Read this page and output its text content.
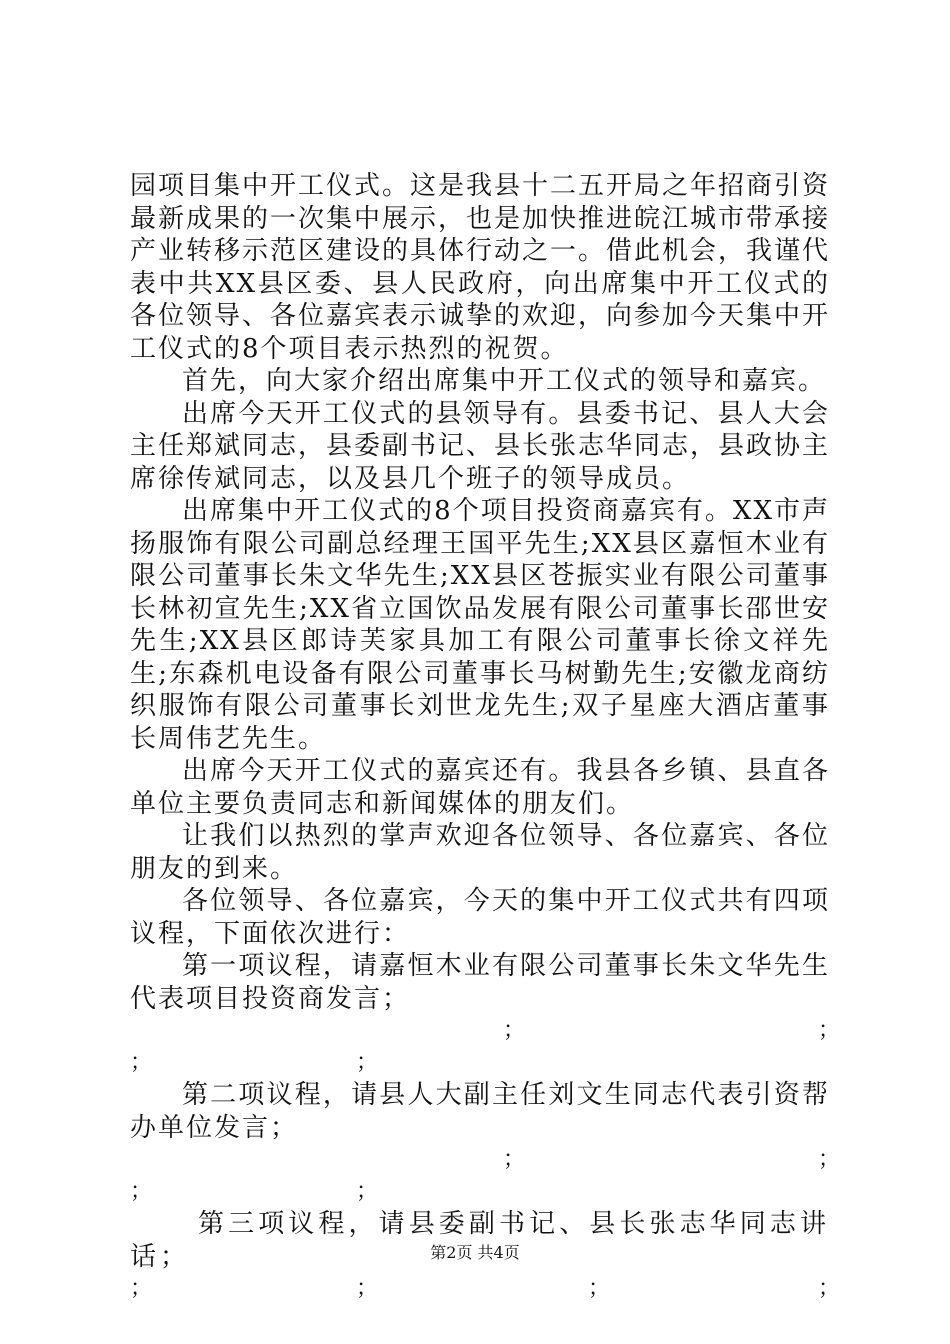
园项目集中开工仪式。这是我县十二五开局之年招商引资最新成果的一次集中展示，也是加快推进皖江城市带承接产业转移示范区建设的具体行动之一。借此机会，我谨代表中共XX县区委、县人民政府，向出席集中开工仪式的各位领导、各位嘉宾表示诚挚的欢迎，向参加今天集中开工仪式的8个项目表示热烈的祝贺。

首先，向大家介绍出席集中开工仪式的领导和嘉宾。

出席今天开工仪式的县领导有。县委书记、县人大会主任郑斌同志，县委副书记、县长张志华同志，县政协主席徐传斌同志，以及县几个班子的领导成员。

出席集中开工仪式的8个项目投资商嘉宾有。XX市声扬服饰有限公司副总经理王国平先生;XX县区嘉恒木业有限公司董事长朱文华先生;XX县区苍振实业有限公司董事长林初宣先生;XX省立国饮品发展有限公司董事长邵世安先生;XX县区郎诗芙家具加工有限公司董事长徐文祥先生;东森机电设备有限公司董事长马树勤先生;安徽龙商纺织服饰有限公司董事长刘世龙先生;双子星座大酒店董事长周伟艺先生。

出席今天开工仪式的嘉宾还有。我县各乡镇、县直各单位主要负责同志和新闻媒体的朋友们。

让我们以热烈的掌声欢迎各位领导、各位嘉宾、各位朋友的到来。

各位领导、各位嘉宾，今天的集中开工仪式共有四项议程，下面依次进行：

第一项议程，请嘉恒木业有限公司董事长朱文华先生代表项目投资商发言；

；	；
；	；

第二项议程，请县人大副主任刘文生同志代表引资帮办单位发言；

；	；
；	；

第三项议程，请县委副书记、县长张志华同志讲话；

；	；	；	；
第2页 共4页
